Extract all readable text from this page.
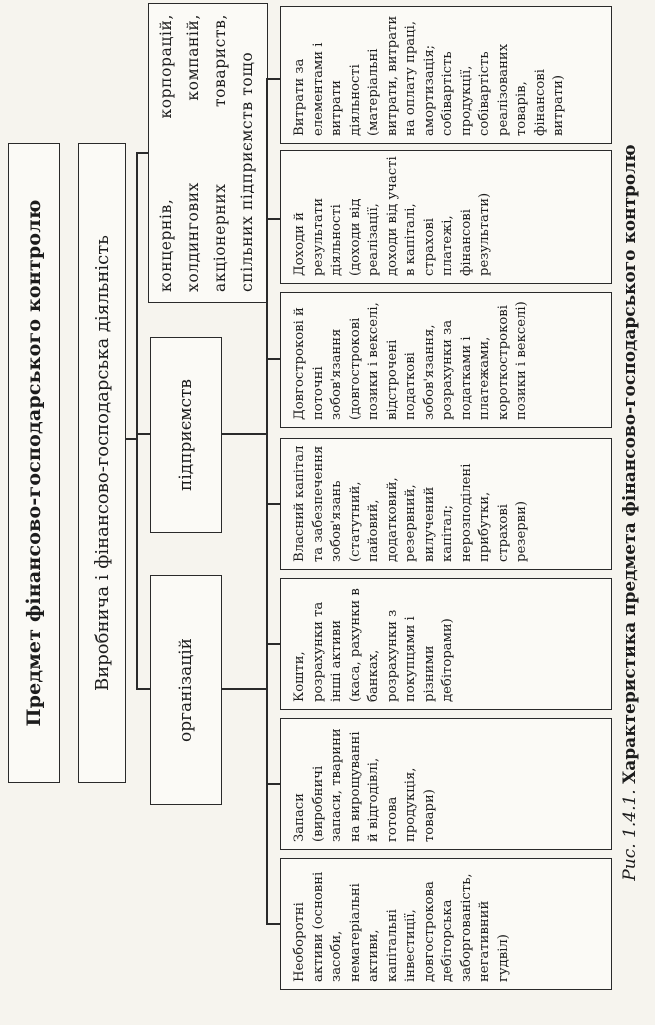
Предмет фінансово-господарського контролю	Виробнича і фінансово-господарська діяльність	організацій
підприємств
концернів, корпорацій, холдингових компаній, акціонерних товариств, спільних підприємств тощо
Необоротні активи (основні засоби, нематеріальні активи, капітальні інвестиції, довгострокова дебіторська заборгованість, негативний гудвіл)
Запаси (виробничі запаси, тварини на вирощуванні й відгодівлі, готова продукція, товари)
Кошти, розрахунки та інші активи (каса, рахунки в банках, розрахунки з покупцями і різними дебіторами)
Власний капітал та забезпечення зобов'язань (статутний, пайовий, додатковий, резервний, вилучений капітал; нерозподілені прибутки, страхові резерви)
Довгострокові й поточні зобов'язання (довгострокові позики і векселі, відстрочені податкові зобов'язання, розрахунки за податками і платежами, короткострокові позики і векселі)
Доходи й результати діяльності (доходи від реалізації, доходи від участі в капіталі, страхові платежі, фінансові результати)
Витрати за елементами і витрати діяльності (матеріальні витрати, витрати на оплату праці, амортизація; собівартість продукції, собівартість реалізованих товарів, фінансові витрати)
Рис. 1.4.1. Характеристика предмета фінансово-господарського контролю
